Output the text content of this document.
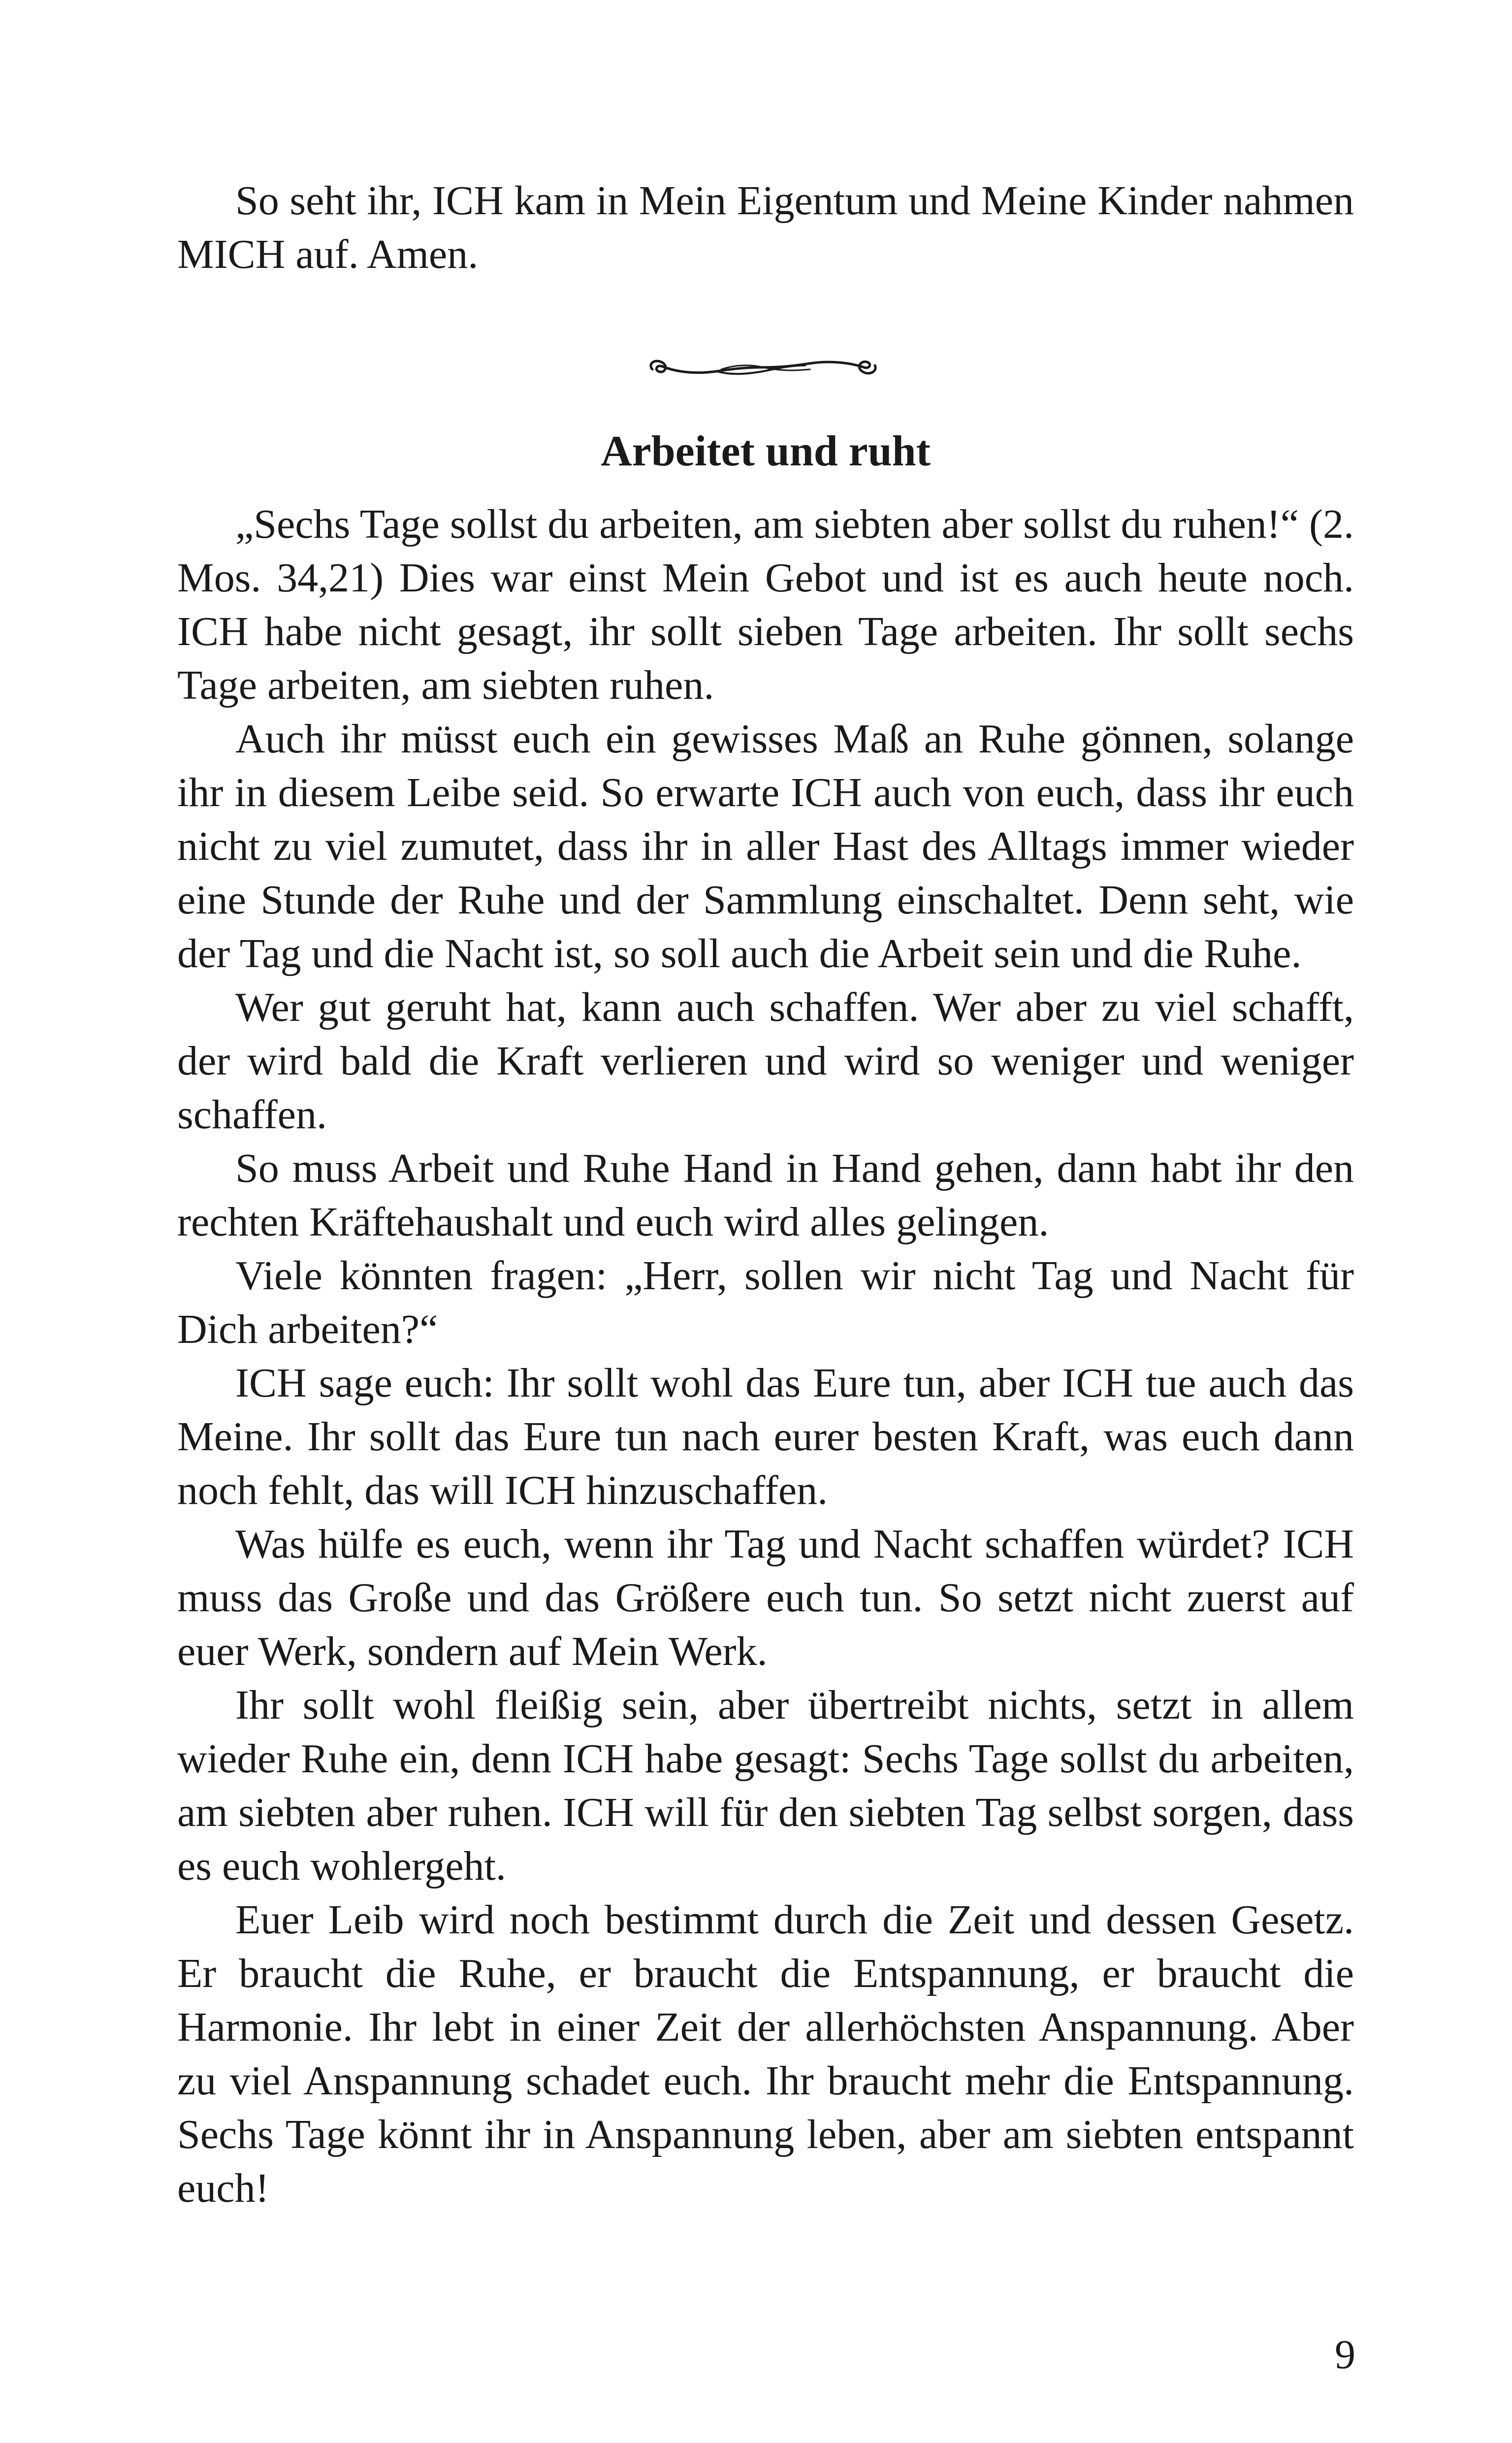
So seht ihr, ICH kam in Mein Eigentum und Meine Kinder nahmen MICH auf. Amen.

Arbeitet und ruht

„Sechs Tage sollst du arbeiten, am siebten aber sollst du ruhen!“ (2. Mos. 34,21) Dies war einst Mein Gebot und ist es auch heute noch. ICH habe nicht gesagt, ihr sollt sieben Tage arbeiten. Ihr sollt sechs Tage arbeiten, am siebten ruhen.

Auch ihr müsst euch ein gewisses Maß an Ruhe gönnen, solange ihr in diesem Leibe seid. So erwarte ICH auch von euch, dass ihr euch nicht zu viel zumutet, dass ihr in aller Hast des Alltags immer wieder eine Stunde der Ruhe und der Sammlung einschaltet. Denn seht, wie der Tag und die Nacht ist, so soll auch die Arbeit sein und die Ruhe.

Wer gut geruht hat, kann auch schaffen. Wer aber zu viel schafft, der wird bald die Kraft verlieren und wird so weniger und weniger schaffen.

So muss Arbeit und Ruhe Hand in Hand gehen, dann habt ihr den rechten Kräftehaushalt und euch wird alles gelingen.

Viele könnten fragen: „Herr, sollen wir nicht Tag und Nacht für Dich arbeiten?“

ICH sage euch: Ihr sollt wohl das Eure tun, aber ICH tue auch das Meine. Ihr sollt das Eure tun nach eurer besten Kraft, was euch dann noch fehlt, das will ICH hinzuschaffen.

Was hülfe es euch, wenn ihr Tag und Nacht schaffen würdet? ICH muss das Große und das Größere euch tun. So setzt nicht zuerst auf euer Werk, sondern auf Mein Werk.

Ihr sollt wohl fleißig sein, aber übertreibt nichts, setzt in allem wieder Ruhe ein, denn ICH habe gesagt: Sechs Tage sollst du arbeiten, am siebten aber ruhen. ICH will für den siebten Tag selbst sorgen, dass es euch wohlergeht.

Euer Leib wird noch bestimmt durch die Zeit und dessen Gesetz. Er braucht die Ruhe, er braucht die Entspannung, er braucht die Harmonie. Ihr lebt in einer Zeit der allerhöchsten Anspannung. Aber zu viel Anspannung schadet euch. Ihr braucht mehr die Entspannung. Sechs Tage könnt ihr in Anspannung leben, aber am siebten entspannt euch!

9
